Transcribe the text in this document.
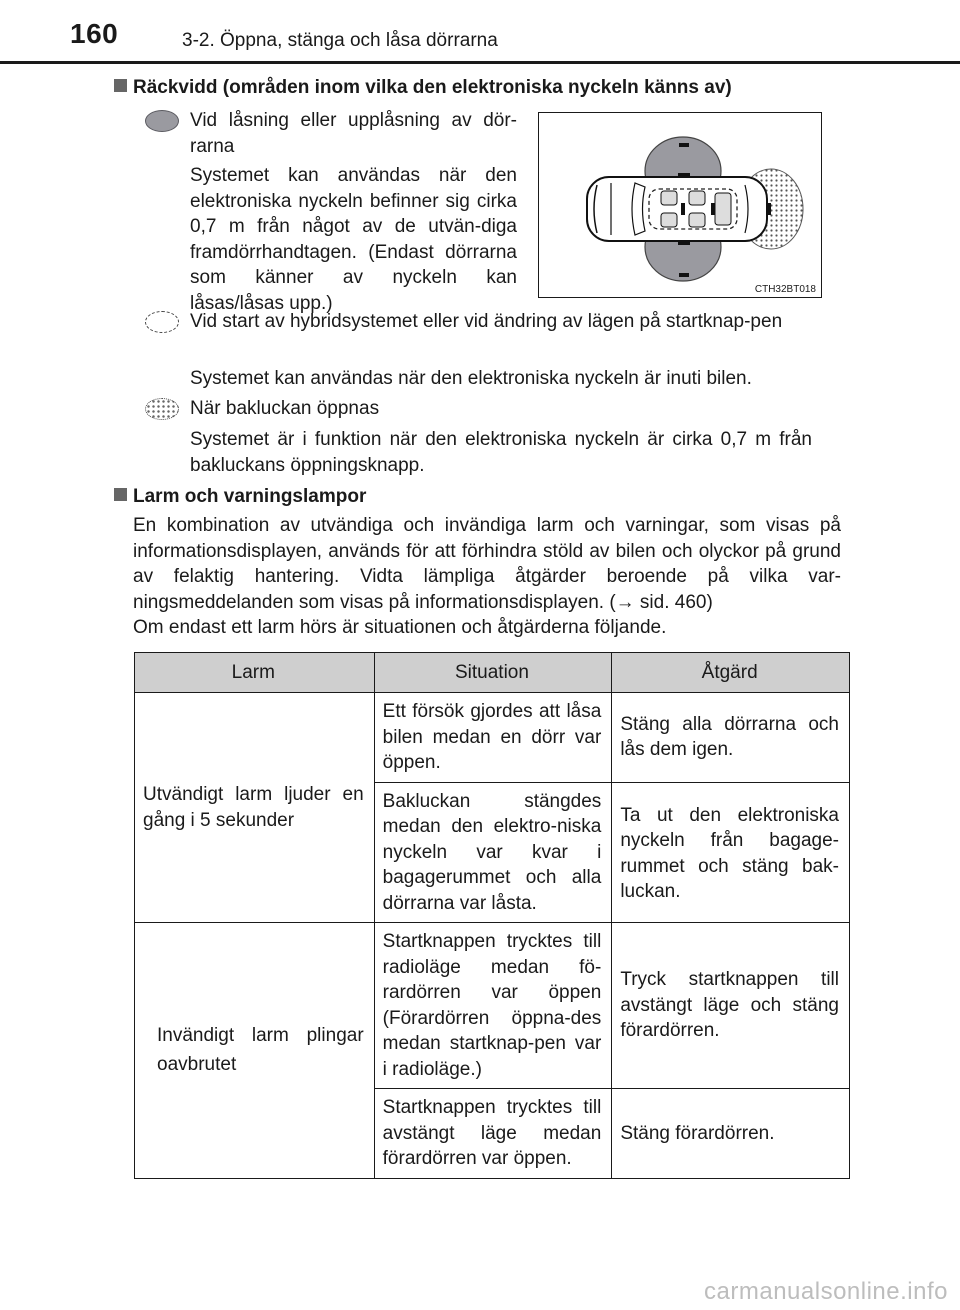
160	3-2. Öppna, stänga och låsa dörrarna
Räckvidd (områden inom vilka den elektroniska nyckeln känns av)
Vid låsning eller upplåsning av dör-rarna
Systemet kan användas när den elektroniska nyckeln befinner sig cirka 0,7 m från något av de utvän-diga framdörrhandtagen. (Endast dörrarna som känner av nyckeln kan låsas/låsas upp.)
CTH32BT018
Vid start av hybridsystemet eller vid ändring av lägen på startknap-pen
Systemet kan användas när den elektroniska nyckeln är inuti bilen.
När bakluckan öppnas
Systemet är i funktion när den elektroniska nyckeln är cirka 0,7 m från bakluckans öppningsknapp.
Larm och varningslampor
En kombination av utvändiga och invändiga larm och varningar, som visas på informationsdisplayen, används för att förhindra stöld av bilen och olyckor på grund av felaktig hantering. Vidta lämpliga åtgärder beroende på vilka var-ningsmeddelanden som visas på informationsdisplayen. (→ sid. 460)
Om endast ett larm hörs är situationen och åtgärderna följande.
Larm	Situation	Åtgärd
Utvändigt larm ljuder en gång i 5 sekunder	Ett försök gjordes att låsa bilen medan en dörr var öppen.	Stäng alla dörrarna och lås dem igen.
	Bakluckan stängdes medan den elektro-niska nyckeln var kvar i bagagerummet och alla dörrarna var låsta.	Ta ut den elektroniska nyckeln från bagage-rummet och stäng bak-luckan.
Invändigt larm plingar oavbrutet	Startknappen trycktes till radioläge medan fö-rardörren var öppen (Förardörren öppna-des medan startknap-pen var i radioläge.)	Tryck startknappen till avstängt läge och stäng förardörren.
	Startknappen trycktes till avstängt läge medan förardörren var öppen.	Stäng förardörren.
carmanualsonline.info
